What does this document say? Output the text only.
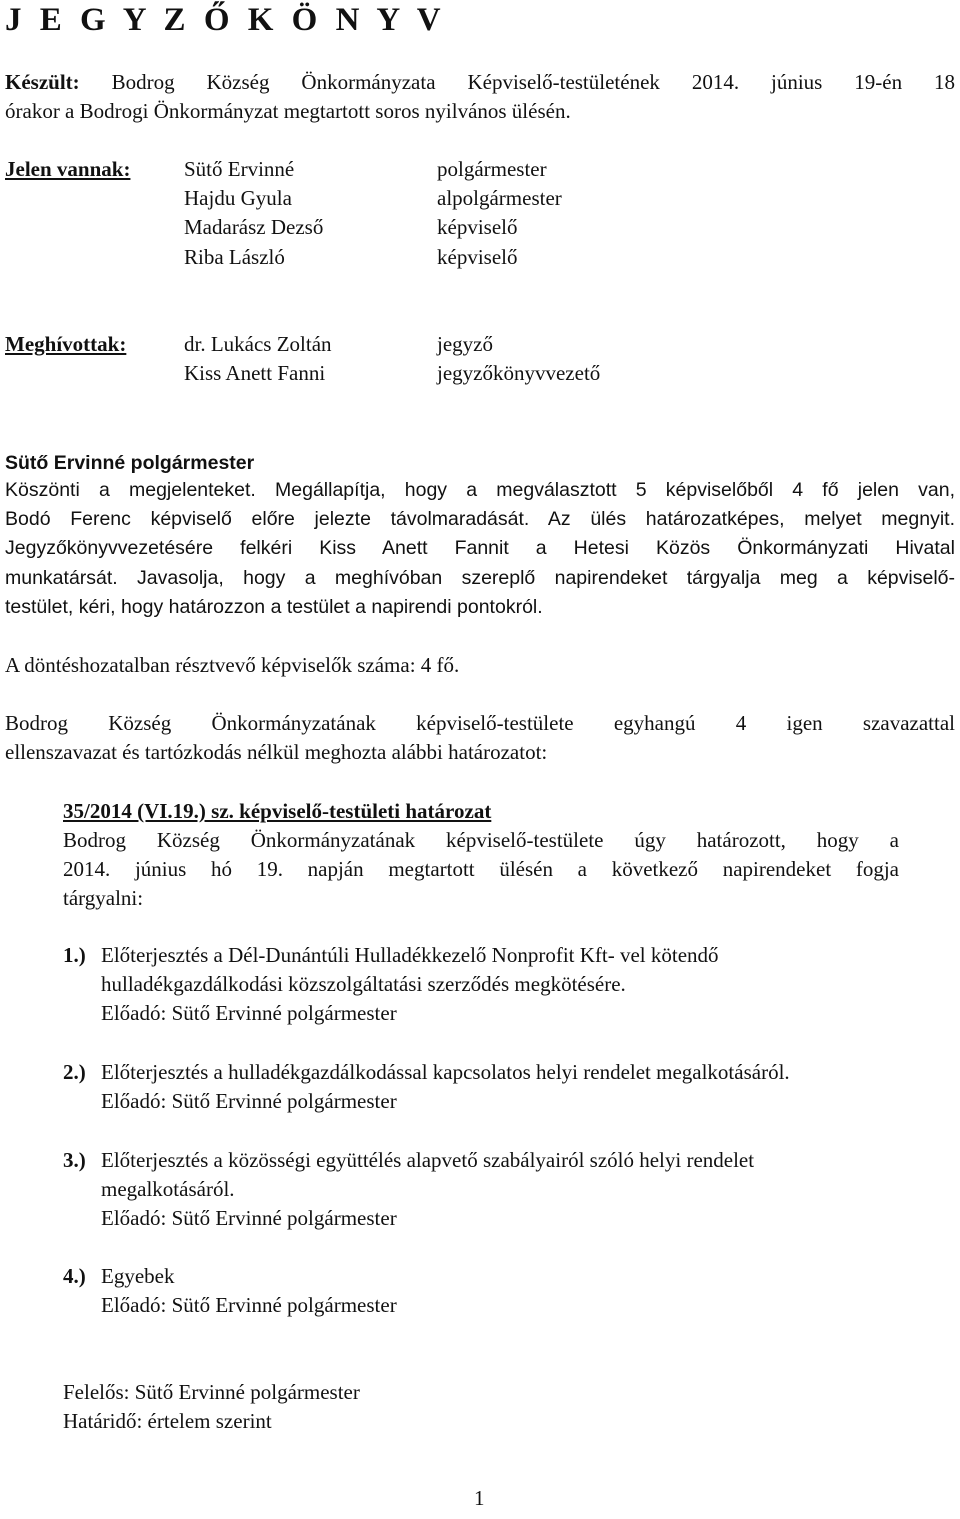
J E G Y Z Ő K Ö N Y V
Készült: Bodrog Község Önkormányzata Képviselő-testületének 2014. június 19-én 18
órakor a Bodrogi Önkormányzat megtartott soros nyilvános ülésén.
Jelen vannak:	Sütő Ervinné
Hajdu Gyula
Madarász Dezső
Riba László
polgármester
alpolgármester
képviselő
képviselő
Meghívottak:	dr. Lukács Zoltán
Kiss Anett Fanni
jegyző
jegyzőkönyvvezető
Sütő Ervinné polgármester
Köszönti a megjelenteket. Megállapítja, hogy a megválasztott 5 képviselőből 4 fő jelen van,
Bodó Ferenc képviselő előre jelezte távolmaradását. Az ülés határozatképes, melyet megnyit.
Jegyzőkönyvvezetésére felkéri Kiss Anett Fannit a Hetesi Közös Önkormányzati Hivatal
munkatársát. Javasolja, hogy a meghívóban szereplő napirendeket tárgyalja meg a képviselő-
testület, kéri, hogy határozzon a testület a napirendi pontokról.
A döntéshozatalban résztvevő képviselők száma: 4 fő.
Bodrog Község Önkormányzatának képviselő-testülete egyhangú 4 igen szavazattal
ellenszavazat és tartózkodás nélkül meghozta alábbi határozatot:
35/2014 (VI.19.) sz. képviselő-testületi határozat
Bodrog Község Önkormányzatának képviselő-testülete úgy határozott, hogy a
2014. június hó 19. napján megtartott ülésén a következő napirendeket fogja
tárgyalni:
1.) Előterjesztés a Dél-Dunántúli Hulladékkezelő Nonprofit Kft- vel kötendő
hulladékgazdálkodási közszolgáltatási szerződés megkötésére.
Előadó: Sütő Ervinné polgármester
2.) Előterjesztés a hulladékgazdálkodással kapcsolatos helyi rendelet megalkotásáról.
Előadó: Sütő Ervinné polgármester
3.) Előterjesztés a közösségi együttélés alapvető szabályairól szóló helyi rendelet
megalkotásáról.
Előadó: Sütő Ervinné polgármester
4.) Egyebek
Előadó: Sütő Ervinné polgármester
Felelős: Sütő Ervinné polgármester
Határidő: értelem szerint
1
